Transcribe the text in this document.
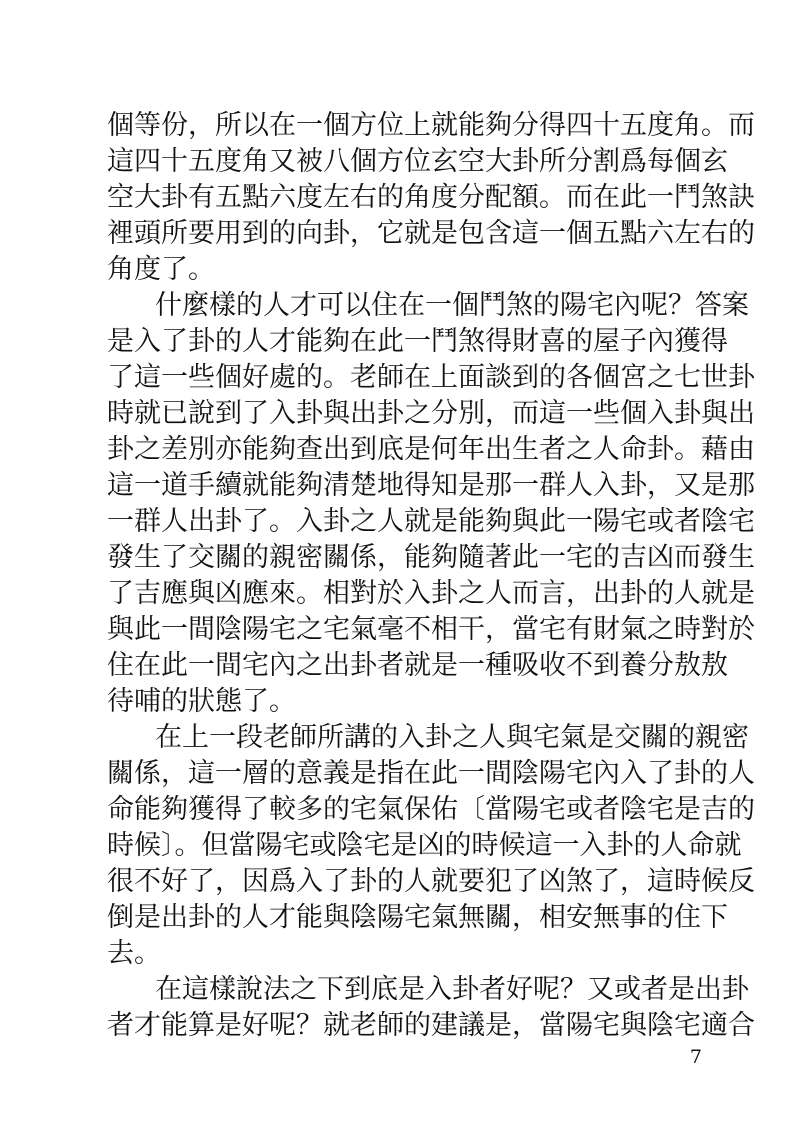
個等份，所以在一個方位上就能夠分得四十五度角。而
這四十五度角又被八個方位玄空大卦所分割爲每個玄
空大卦有五點六度左右的角度分配額。而在此一鬥煞訣
裡頭所要用到的向卦，它就是包含這一個五點六左右的
角度了。
什麼樣的人才可以住在一個鬥煞的陽宅內呢？答案
是入了卦的人才能夠在此一鬥煞得財喜的屋子內獲得
了這一些個好處的。老師在上面談到的各個宮之七世卦
時就已說到了入卦與出卦之分別，而這一些個入卦與出
卦之差別亦能夠查出到底是何年出生者之人命卦。藉由
這一道手續就能夠清楚地得知是那一群人入卦，又是那
一群人出卦了。入卦之人就是能夠與此一陽宅或者陰宅
發生了交關的親密關係，能夠隨著此一宅的吉凶而發生
了吉應與凶應來。相對於入卦之人而言，出卦的人就是
與此一間陰陽宅之宅氣毫不相干，當宅有財氣之時對於
住在此一間宅內之出卦者就是一種吸收不到養分敖敖
待哺的狀態了。
在上一段老師所講的入卦之人與宅氣是交關的親密
關係，這一層的意義是指在此一間陰陽宅內入了卦的人
命能夠獲得了較多的宅氣保佑〔當陽宅或者陰宅是吉的
時候〕。但當陽宅或陰宅是凶的時候這一入卦的人命就
很不好了，因爲入了卦的人就要犯了凶煞了，這時候反
倒是出卦的人才能與陰陽宅氣無關，相安無事的住下
去。
在這樣說法之下到底是入卦者好呢？又或者是出卦
者才能算是好呢？就老師的建議是，當陽宅與陰宅適合
7
